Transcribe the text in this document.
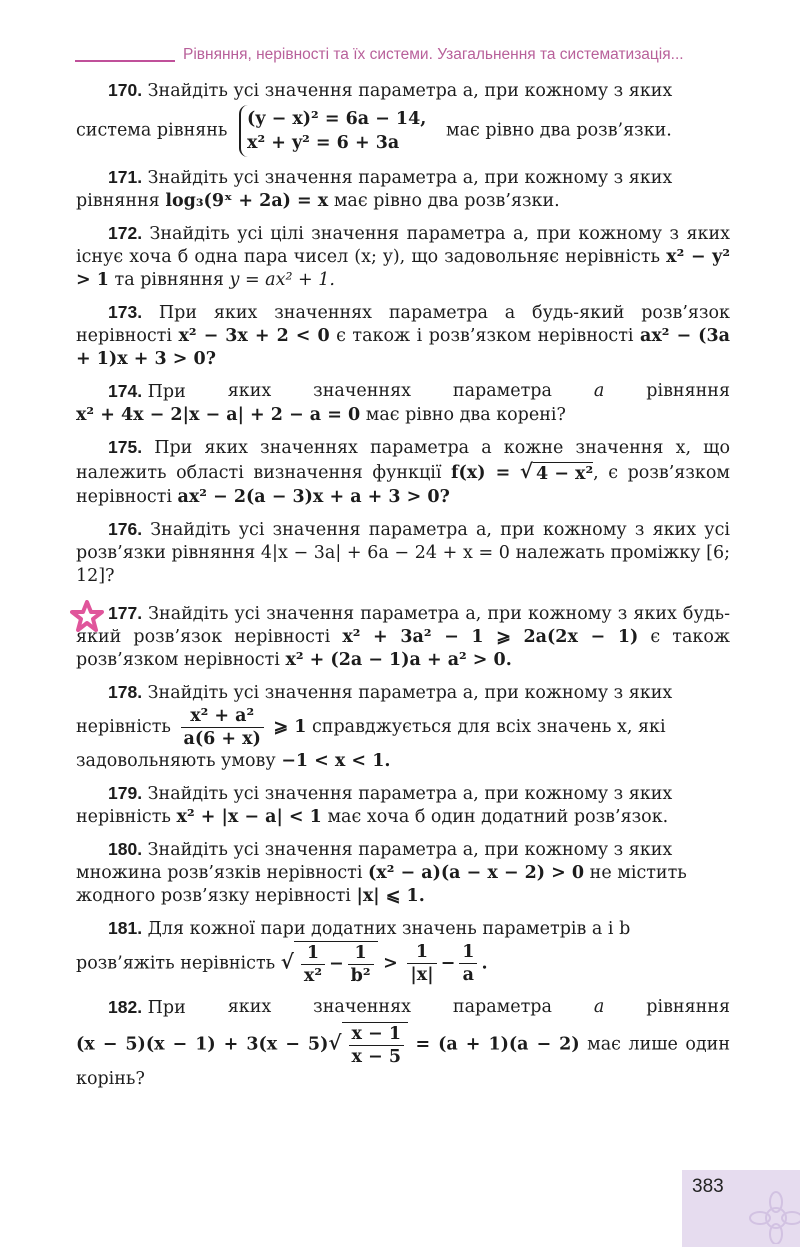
Рівняння, нерівності та їх системи. Узагальнення та систематизація...

170. Знайдіть усі значення параметра a, при кожному з яких

система рівнянь
(y − x)² = 6a − 14,
x² + y² = 6 + 3a
має рівно два розв’язки.

171. Знайдіть усі значення параметра a, при кожному з яких

рівняння log₃(9ˣ + 2a) = x має рівно два розв’язки.

172. Знайдіть усі цілі значення параметра a, при кожному з яких існує хоча б одна пара чисел (x; y), що задовольняє нерівність x² − y² > 1 та рівняння y = ax² + 1.

173. При яких значеннях параметра a будь-який розв’язок нерівності x² − 3x + 2 < 0 є також і розв’язком нерівності ax² − (3a + 1)x + 3 > 0?

174. При яких значеннях параметра a рівняння

x² + 4x − 2|x − a| + 2 − a = 0 має рівно два корені?

175. При яких значеннях параметра a кожне значення x, що належить області визначення функції f(x) = √ 4 − x², є розв’язком нерівності ax² − 2(a − 3)x + a + 3 > 0?

176. Знайдіть усі значення параметра a, при кожному з яких усі розв’язки рівняння 4|x − 3a| + 6a − 24 + x = 0 належать проміжку [6; 12]?

177. Знайдіть усі значення параметра a, при кожному з яких будь-який розв’язок нерівності x² + 3a² − 1 ⩾ 2a(2x − 1) є також розв’язком нерівності x² + (2a − 1)a + a² > 0.

178. Знайдіть усі значення параметра a, при кожному з яких

нерівність $\frac{\text{x² + a²}}{a(6 + x)}$ ⩾ 1 справджується для всіх значень x, які

задовольняють умову −1 < x < 1.

179. Знайдіть усі значення параметра a, при кожному з яких

нерівність x² + |x − a| < 1 має хоча б один додатний розв’язок.

180. Знайдіть усі значення параметра a, при кожному з яких

множина розв’язків нерівності (x² − a)(a − x − 2) > 0 не містить

жодного розв’язку нерівності |x| ⩽ 1.

181. Для кожної пари додатних значень параметрів a і b

розв’яжіть нерівність √ $\frac{1}{\text{x²}} - \frac{1}{\text{b²}} > \frac{1}{|x|} - \frac{1}{a}$ .

182. При яких значеннях параметра a рівняння

$(x - 5)(x - 1) + 3(x - 5)√ \frac{x - 1}{x - 5} = (a + 1)(a - 2)$ має лише один корінь?

383
